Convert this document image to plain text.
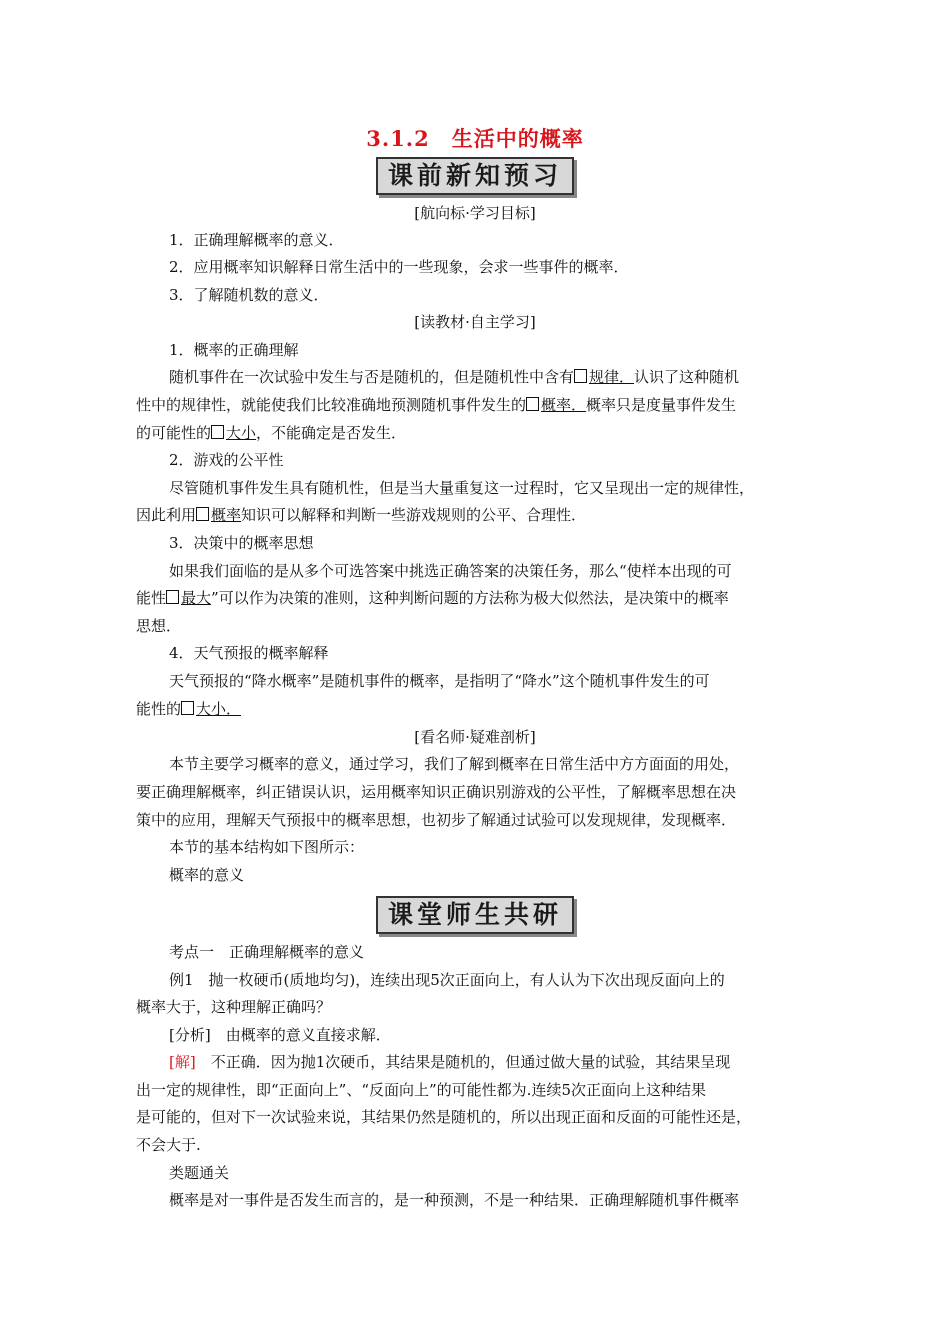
3.1.2　生活中的概率
课前新知预习
[航向标·学习目标]
1．正确理解概率的意义．
2．应用概率知识解释日常生活中的一些现象，会求一些事件的概率．
3．了解随机数的意义．
[读教材·自主学习]
1．概率的正确理解
随机事件在一次试验中发生与否是随机的，但是随机性中含有 规律．认识了这种随机
性中的规律性，就能使我们比较准确地预测随机事件发生的 概率．概率只是度量事件发生
的可能性的 大小，不能确定是否发生．
2．游戏的公平性
尽管随机事件发生具有随机性，但是当大量重复这一过程时，它又呈现出一定的规律性，
因此利用 概率知识可以解释和判断一些游戏规则的公平、合理性．
3．决策中的概率思想
如果我们面临的是从多个可选答案中挑选正确答案的决策任务，那么“使样本出现的可
能性 最大”可以作为决策的准则，这种判断问题的方法称为极大似然法，是决策中的概率
思想．
4．天气预报的概率解释
天气预报的“降水概率”是随机事件的概率，是指明了“降水”这个随机事件发生的可
能性的 大小．
[看名师·疑难剖析]
本节主要学习概率的意义，通过学习，我们了解到概率在日常生活中方方面面的用处，
要正确理解概率，纠正错误认识，运用概率知识正确识别游戏的公平性，了解概率思想在决
策中的应用，理解天气预报中的概率思想，也初步了解通过试验可以发现规律，发现概率．
本节的基本结构如下图所示：
概率的意义
课堂师生共研
考点一　正确理解概率的意义
例1　抛一枚硬币(质地均匀)，连续出现5次正面向上，有人认为下次出现反面向上的
概率大于，这种理解正确吗？
[分析]　由概率的意义直接求解．
[解]　不正确．因为抛1次硬币，其结果是随机的，但通过做大量的试验，其结果呈现
出一定的规律性，即“正面向上”、“反面向上”的可能性都为.连续5次正面向上这种结果
是可能的，但对下一次试验来说，其结果仍然是随机的，所以出现正面和反面的可能性还是，
不会大于.
类题通关
概率是对一事件是否发生而言的，是一种预测，不是一种结果．正确理解随机事件概率
